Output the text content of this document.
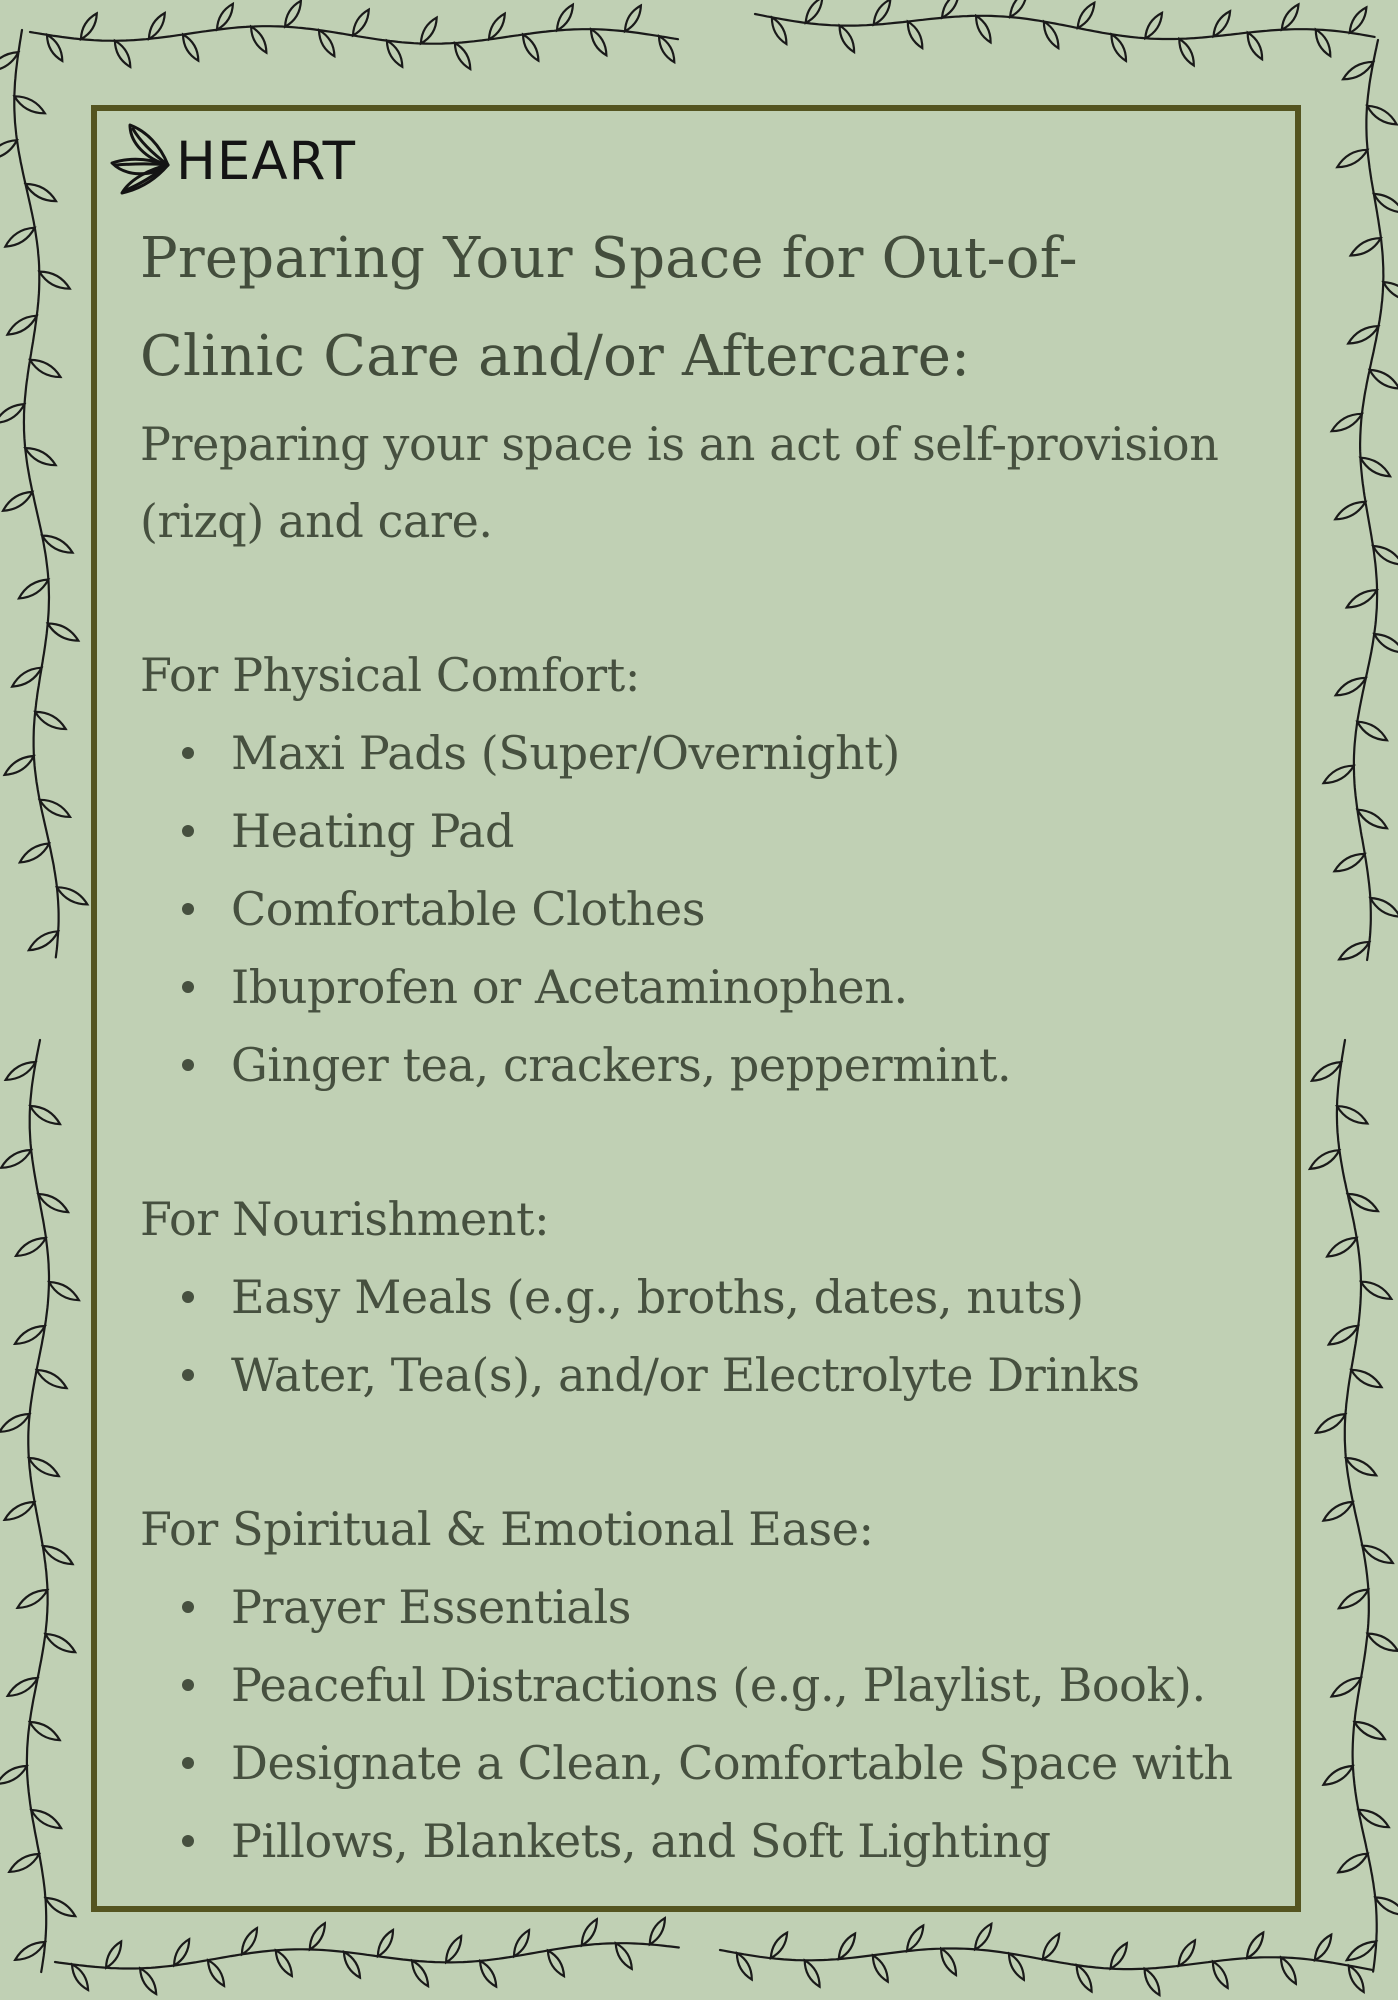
HEART
Preparing Your Space for Out-of-
Clinic Care and/or Aftercare:

Preparing your space is an act of self-provision
(rizq) and care.

For Physical Comfort:

Maxi Pads (Super/Overnight)
Heating Pad
Comfortable Clothes
Ibuprofen or Acetaminophen.
Ginger tea, crackers, peppermint.

For Nourishment:

Easy Meals (e.g., broths, dates, nuts)
Water, Tea(s), and/or Electrolyte Drinks

For Spiritual & Emotional Ease:

Prayer Essentials
Peaceful Distractions (e.g., Playlist, Book).
Designate a Clean, Comfortable Space with
Pillows, Blankets, and Soft Lighting
